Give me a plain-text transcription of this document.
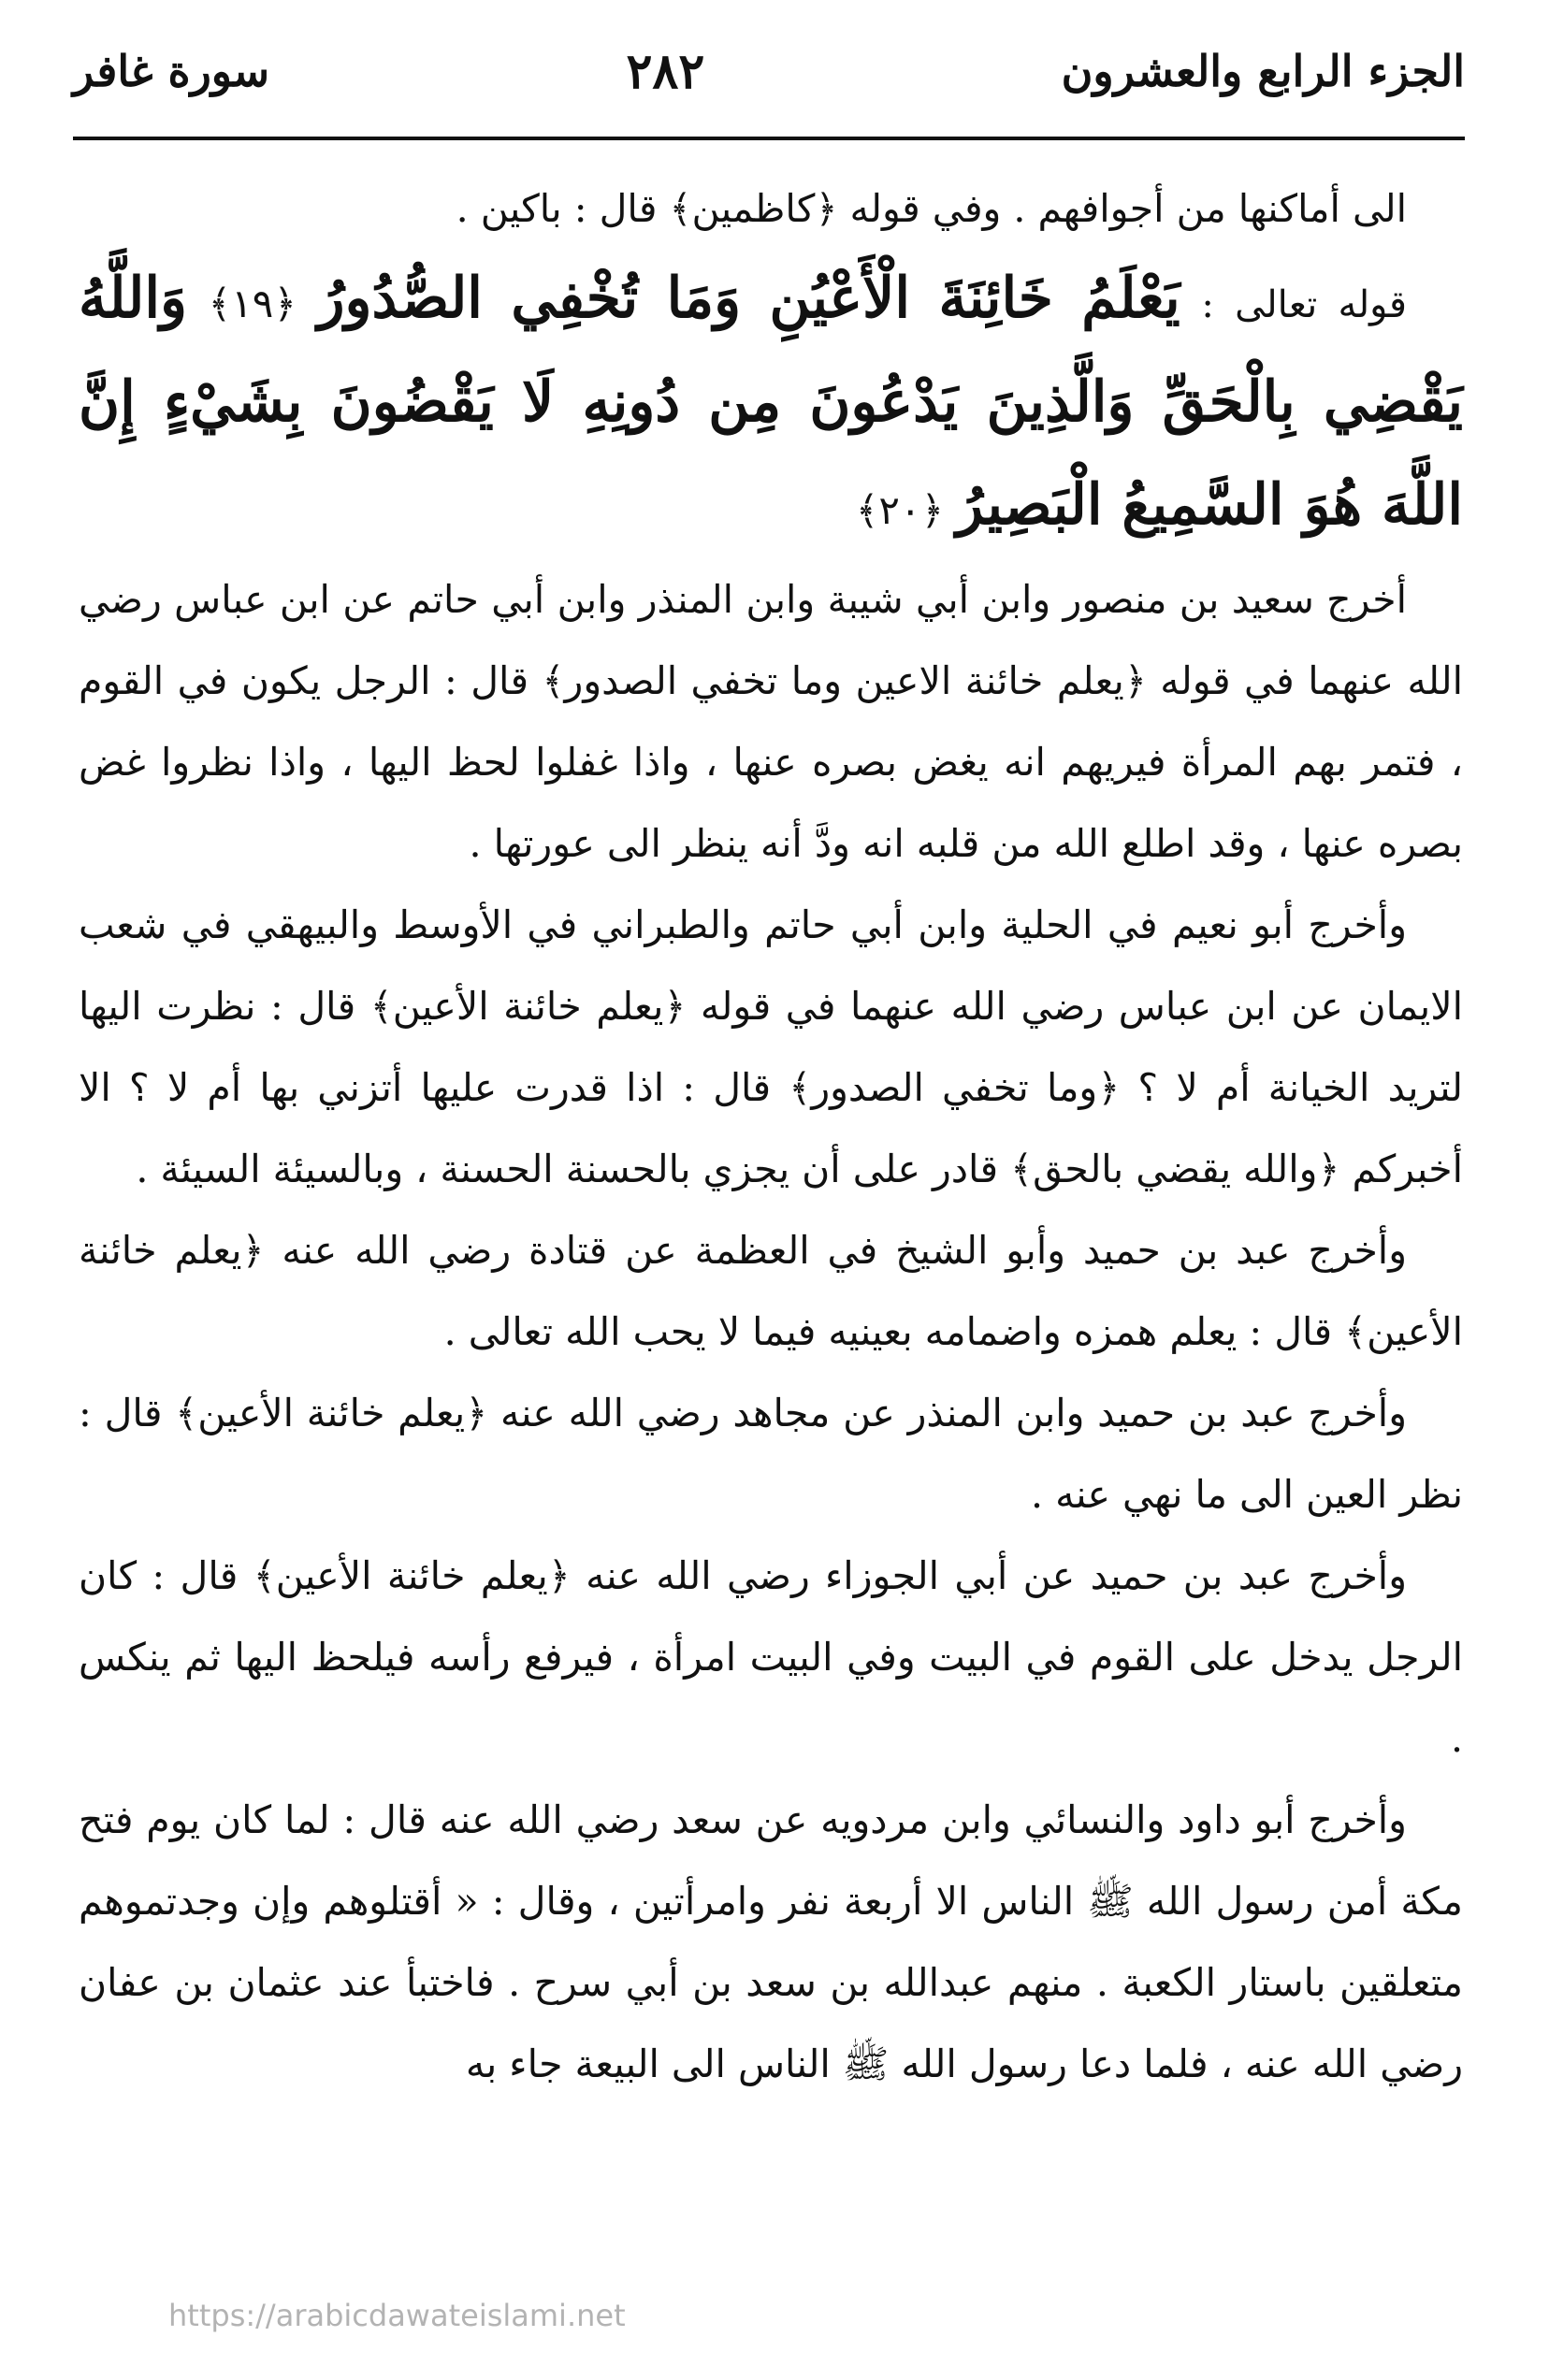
الجزء الرابع والعشرون
٢٨٢
سورة غافر

الى أماكنها من أجوافهم . وفي قوله ﴿كاظمين﴾ قال : باكين .

قوله تعالى : يَعْلَمُ خَائِنَةَ الْأَعْيُنِ وَمَا تُخْفِي الصُّدُورُ ﴿١٩﴾ وَاللَّهُ يَقْضِي بِالْحَقِّ وَالَّذِينَ يَدْعُونَ مِن دُونِهِ لَا يَقْضُونَ بِشَيْءٍ إِنَّ اللَّهَ هُوَ السَّمِيعُ الْبَصِيرُ ﴿٢٠﴾

أخرج سعيد بن منصور وابن أبي شيبة وابن المنذر وابن أبي حاتم عن ابن عباس رضي الله عنهما في قوله ﴿يعلم خائنة الاعين وما تخفي الصدور﴾ قال : الرجل يكون في القوم ، فتمر بهم المرأة فيريهم انه يغض بصره عنها ، واذا غفلوا لحظ اليها ، واذا نظروا غض بصره عنها ، وقد اطلع الله من قلبه انه ودَّ أنه ينظر الى عورتها .

وأخرج أبو نعيم في الحلية وابن أبي حاتم والطبراني في الأوسط والبيهقي في شعب الايمان عن ابن عباس رضي الله عنهما في قوله ﴿يعلم خائنة الأعين﴾ قال : نظرت اليها لتريد الخيانة أم لا ؟ ﴿وما تخفي الصدور﴾ قال : اذا قدرت عليها أتزني بها أم لا ؟ الا أخبركم ﴿والله يقضي بالحق﴾ قادر على أن يجزي بالحسنة الحسنة ، وبالسيئة السيئة .

وأخرج عبد بن حميد وأبو الشيخ في العظمة عن قتادة رضي الله عنه ﴿يعلم خائنة الأعين﴾ قال : يعلم همزه واضمامه بعينيه فيما لا يحب الله تعالى .

وأخرج عبد بن حميد وابن المنذر عن مجاهد رضي الله عنه ﴿يعلم خائنة الأعين﴾ قال : نظر العين الى ما نهي عنه .

وأخرج عبد بن حميد عن أبي الجوزاء رضي الله عنه ﴿يعلم خائنة الأعين﴾ قال : كان الرجل يدخل على القوم في البيت وفي البيت امرأة ، فيرفع رأسه فيلحظ اليها ثم ينكس .

وأخرج أبو داود والنسائي وابن مردويه عن سعد رضي الله عنه قال : لما كان يوم فتح مكة أمن رسول الله ﷺ الناس الا أربعة نفر وامرأتين ، وقال : « أقتلوهم وإن وجدتموهم متعلقين باستار الكعبة . منهم عبدالله بن سعد بن أبي سرح . فاختبأ عند عثمان بن عفان رضي الله عنه ، فلما دعا رسول الله ﷺ الناس الى البيعة جاء به

https://arabicdawateislami.net
